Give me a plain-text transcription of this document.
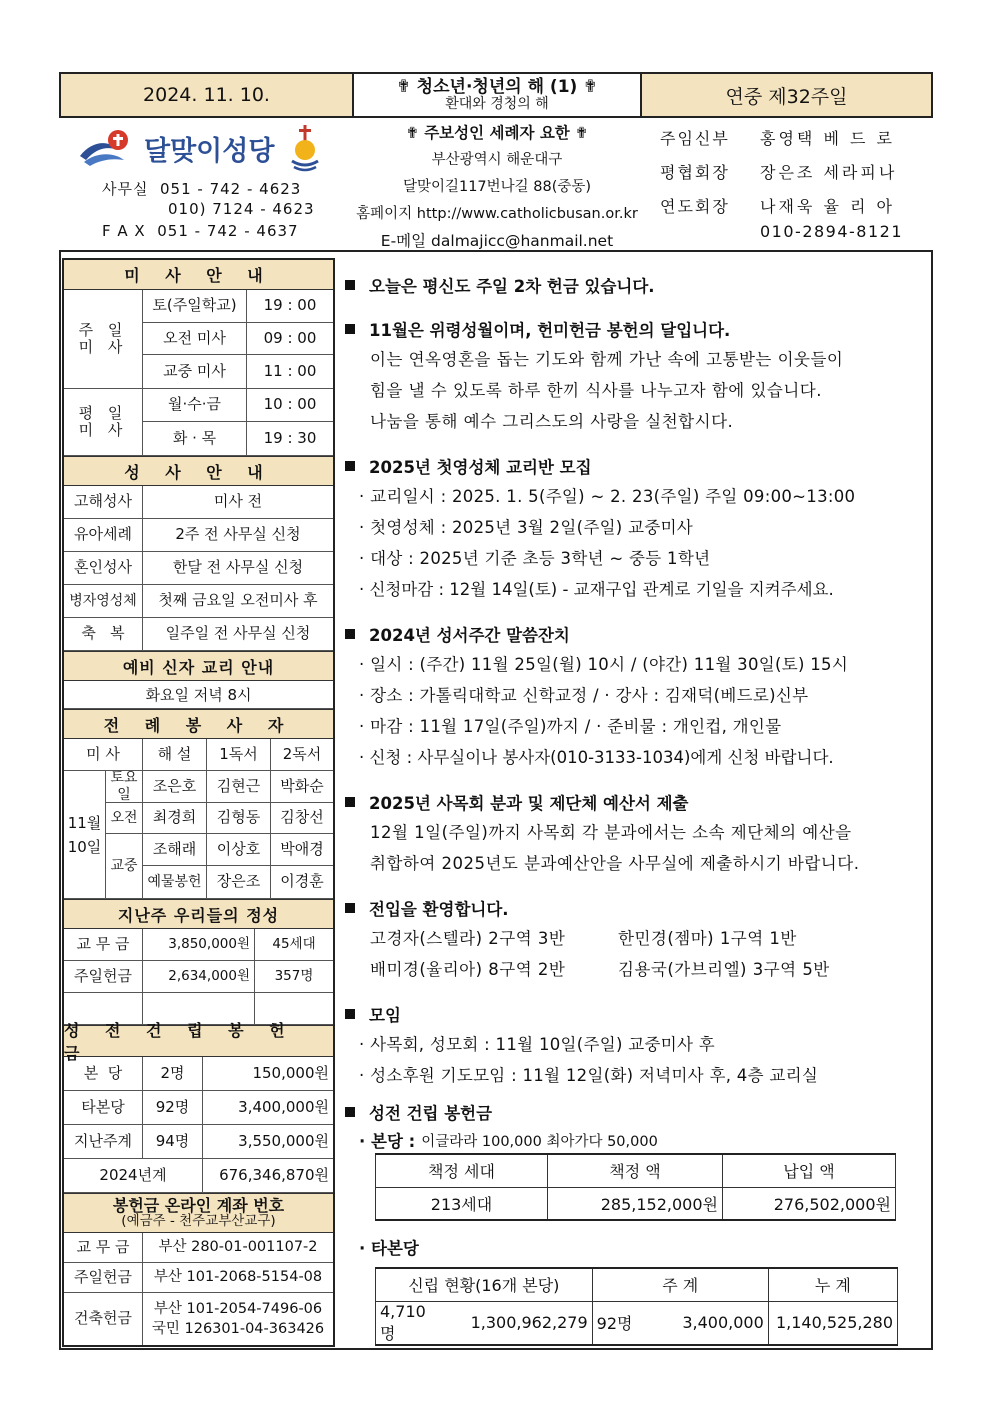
2024. 11. 10.	✟ 청소년·청년의 해 (1) ✟
환대와 경청의 해	연중 제32주일
달맞이성당
사무실  051 - 742 - 4623
010) 7124 - 4623
F A X  051 - 742 - 4637
✟ 주보성인 세례자 요한 ✟
부산광역시 해운대구
달맞이길117번나길 88(중동)
홈페이지 http://www.catholicbusan.or.kr
E-메일 dalmajicc@hanmail.net
주임신부	홍영택 베 드 로
평협회장	장은조 세라피나
연도회장	나재욱 율 리 아
010-2894-8121
미 사 안 내
주 일
미 사
토(주일학교)	19 : 00
오전 미사	09 : 00
교중 미사	11 : 00
평 일
미 사
월·수·금	10 : 00
화 · 목	19 : 30
성 사 안 내
고해성사	미사 전
유아세례	2주 전 사무실 신청
혼인성사	한달 전 사무실 신청
병자영성체	첫째 금요일 오전미사 후
축   복	일주일 전 사무실 신청
예비 신자 교리 안내
화요일 저녁 8시
전 례 봉 사 자
미 사	해 설	1독서	2독서
11월
10일
토요일	조은호	김현근	박화순
오전	최경희	김형동	김창선
교중
조해래	이상호	박애경
예물봉헌	장은조	이경훈
지난주 우리들의 정성
교 무 금	3,850,000원	45세대
주일헌금	2,634,000원	357명
성 전 건 립 봉 헌 금
본  당	2명	150,000원
타본당	92명	3,400,000원
지난주계	94명	3,550,000원
2024년계	676,346,870원
봉헌금 온라인 계좌 번호
(예금주 - 천주교부산교구)
교 무 금	부산 280-01-001107-2
주일헌금	부산 101-2068-5154-08
건축헌금
부산 101-2054-7496-06
국민 126301-04-363426
오늘은 평신도 주일 2차 헌금 있습니다.
11월은 위령성월이며, 헌미헌금 봉헌의 달입니다.
이는 연옥영혼을 돕는 기도와 함께 가난 속에 고통받는 이웃들이
힘을 낼 수 있도록 하루 한끼 식사를 나누고자 함에 있습니다.
나눔을 통해 예수 그리스도의 사랑을 실천합시다.
2025년 첫영성체 교리반 모집
· 교리일시 : 2025. 1. 5(주일) ~ 2. 23(주일) 주일 09:00~13:00
· 첫영성체 : 2025년 3월 2일(주일) 교중미사
· 대상 : 2025년 기준 초등 3학년 ~ 중등 1학년
· 신청마감 : 12월 14일(토) - 교재구입 관계로 기일을 지켜주세요.
2024년 성서주간 말씀잔치
· 일시 : (주간) 11월 25일(월) 10시 / (야간) 11월 30일(토) 15시
· 장소 : 가톨릭대학교 신학교정 / · 강사 : 김재덕(베드로)신부
· 마감 : 11월 17일(주일)까지 / · 준비물 : 개인컵, 개인물
· 신청 : 사무실이나 봉사자(010-3133-1034)에게 신청 바랍니다.
2025년 사목회 분과 및 제단체 예산서 제출
12월 1일(주일)까지 사목회 각 분과에서는 소속 제단체의 예산을
취합하여 2025년도 분과예산안을 사무실에 제출하시기 바랍니다.
전입을 환영합니다.
고경자(스텔라) 2구역 3반	한민경(젬마) 1구역 1반
배미경(율리아) 8구역 2반	김용국(가브리엘) 3구역 5반
모임
· 사목회, 성모회 : 11월 10일(주일) 교중미사 후
· 성소후원 기도모임 : 11월 12일(화) 저녁미사 후, 4층 교리실
성전 건립 봉헌금
· 본당 : 이글라라 100,000 최아가다 50,000
책정 세대	책정 액	납입 액
213세대	285,152,000원	276,502,000원
· 타본당
신립 현황(16개 본당)		주 계		누 계
4,710명	1,300,962,279	92명	3,400,000	1,140,525,280
